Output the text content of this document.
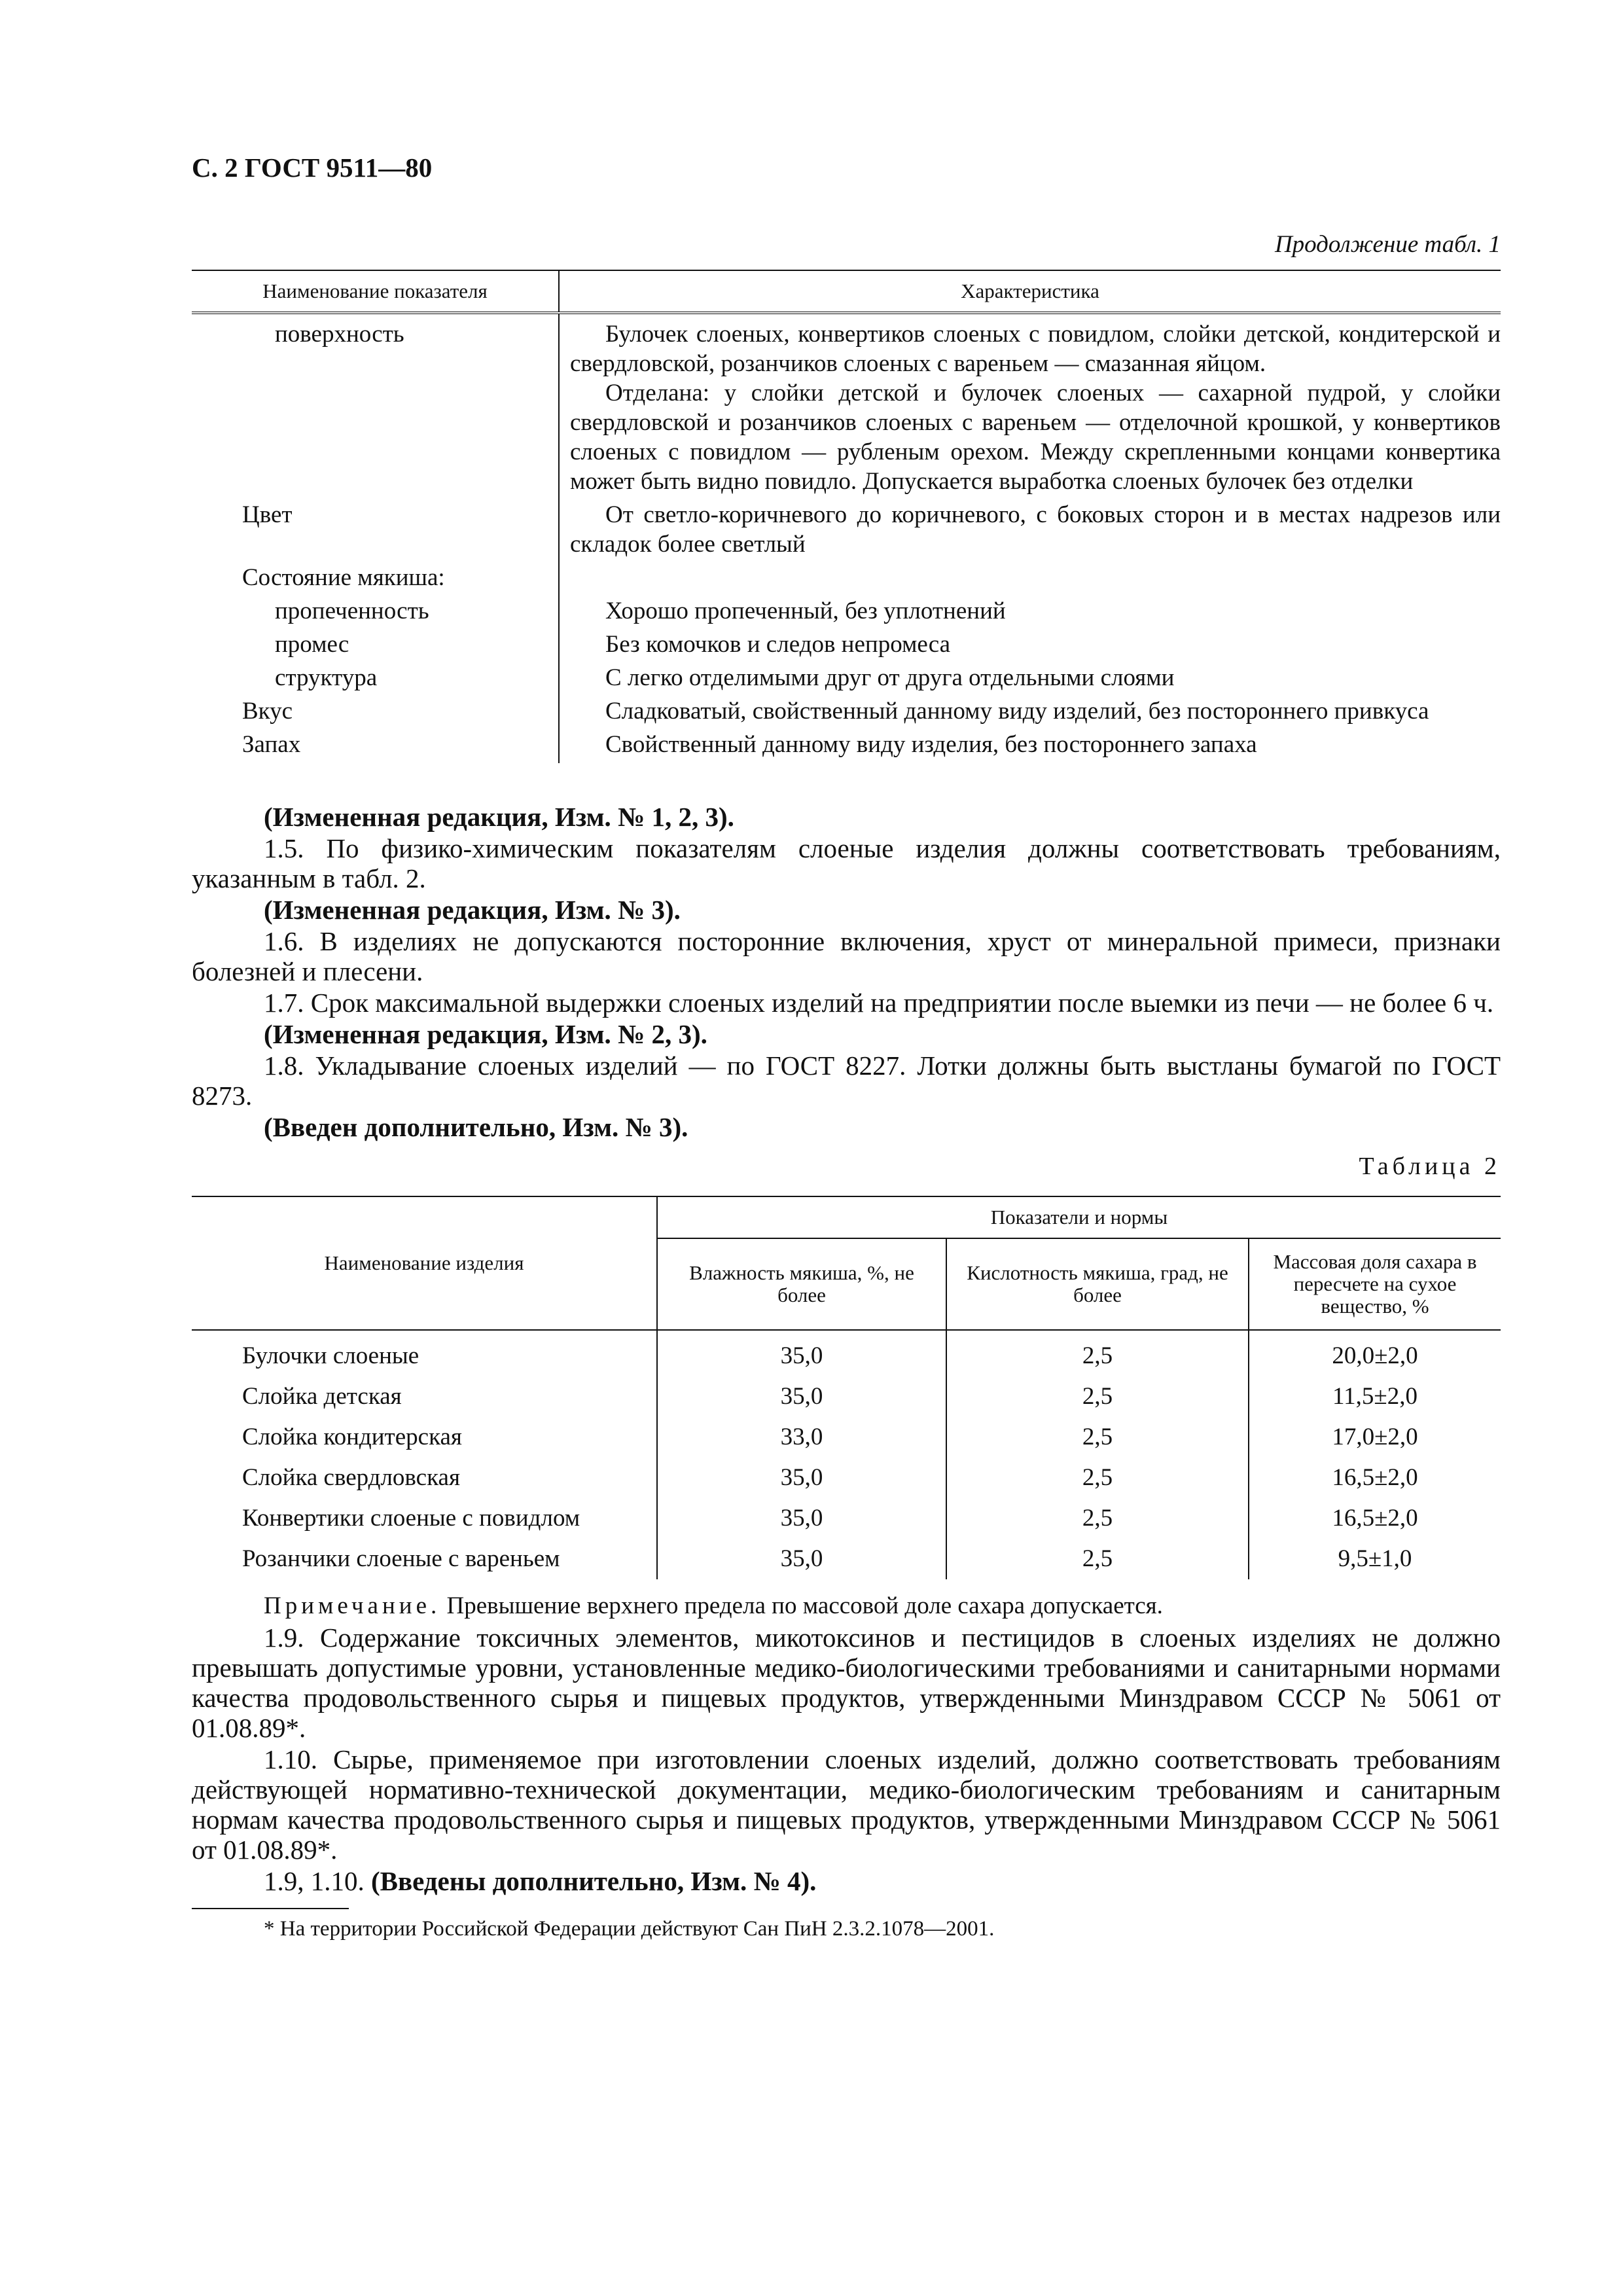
С. 2 ГОСТ 9511—80
Продолжение табл. 1
Наименование показателя	Характеристика
поверхность	Булочек слоеных, конвертиков слоеных с повидлом, слойки детской, кондитерской и свердловской, розанчиков слоеных с вареньем — смазанная яйцом.
Отделана: у слойки детской и булочек слоеных — сахарной пудрой, у слойки свердловской и розанчиков слоеных с вареньем — отделочной крошкой, у конвертиков слоеных с повидлом — рубленым орехом. Между скрепленными концами конвертика может быть видно повидло. Допускается выработка слоеных булочек без отделки

Цвет	От светло-коричневого до коричневого, с боковых сторон и в местах надрезов или складок более светлый

Состояние мякиша:	

пропеченность	Хорошо пропеченный, без уплотнений

промес	Без комочков и следов непромеса

структура	С легко отделимыми друг от друга отдельными слоями

Вкус	Сладковатый, свойственный данному виду изделий, без постороннего привкуса

Запах	Свойственный данному виду изделия, без постороннего запаха

(Измененная редакция, Изм. № 1, 2, 3).

1.5. По физико-химическим показателям слоеные изделия должны соответствовать требованиям, указанным в табл. 2.

(Измененная редакция, Изм. № 3).

1.6. В изделиях не допускаются посторонние включения, хруст от минеральной примеси, признаки болезней и плесени.

1.7. Срок максимальной выдержки слоеных изделий на предприятии после выемки из печи — не более 6 ч.

(Измененная редакция, Изм. № 2, 3).

1.8. Укладывание слоеных изделий — по ГОСТ 8227. Лотки должны быть выстланы бумагой по ГОСТ 8273.

(Введен дополнительно, Изм. № 3).

Таблица 2

Наименование изделия	Показатели и нормы		
	Влажность мякиша, %, не более	Кислотность мякиша, град, не более	Массовая доля сахара в пересчете на сухое вещество, %
Булочки слоеные	35,0	2,5	20,0±2,0
Слойка детская	35,0	2,5	11,5±2,0
Слойка кондитерская	33,0	2,5	17,0±2,0
Слойка свердловская	35,0	2,5	16,5±2,0
Конвертики слоеные с повидлом	35,0	2,5	16,5±2,0
Розанчики слоеные с вареньем	35,0	2,5	9,5±1,0

Примечание. Превышение верхнего предела по массовой доле сахара допускается.

1.9. Содержание токсичных элементов, микотоксинов и пестицидов в слоеных изделиях не должно превышать допустимые уровни, установленные медико-биологическими требованиями и санитарными нормами качества продовольственного сырья и пищевых продуктов, утвержденными Минздравом СССР № 5061 от 01.08.89*.

1.10. Сырье, применяемое при изготовлении слоеных изделий, должно соответствовать требованиям действующей нормативно-технической документации, медико-биологическим требованиям и санитарным нормам качества продовольственного сырья и пищевых продуктов, утвержденными Минздравом СССР № 5061 от 01.08.89*.

1.9, 1.10. (Введены дополнительно, Изм. № 4).

* На территории Российской Федерации действуют Сан ПиН 2.3.2.1078—2001.
